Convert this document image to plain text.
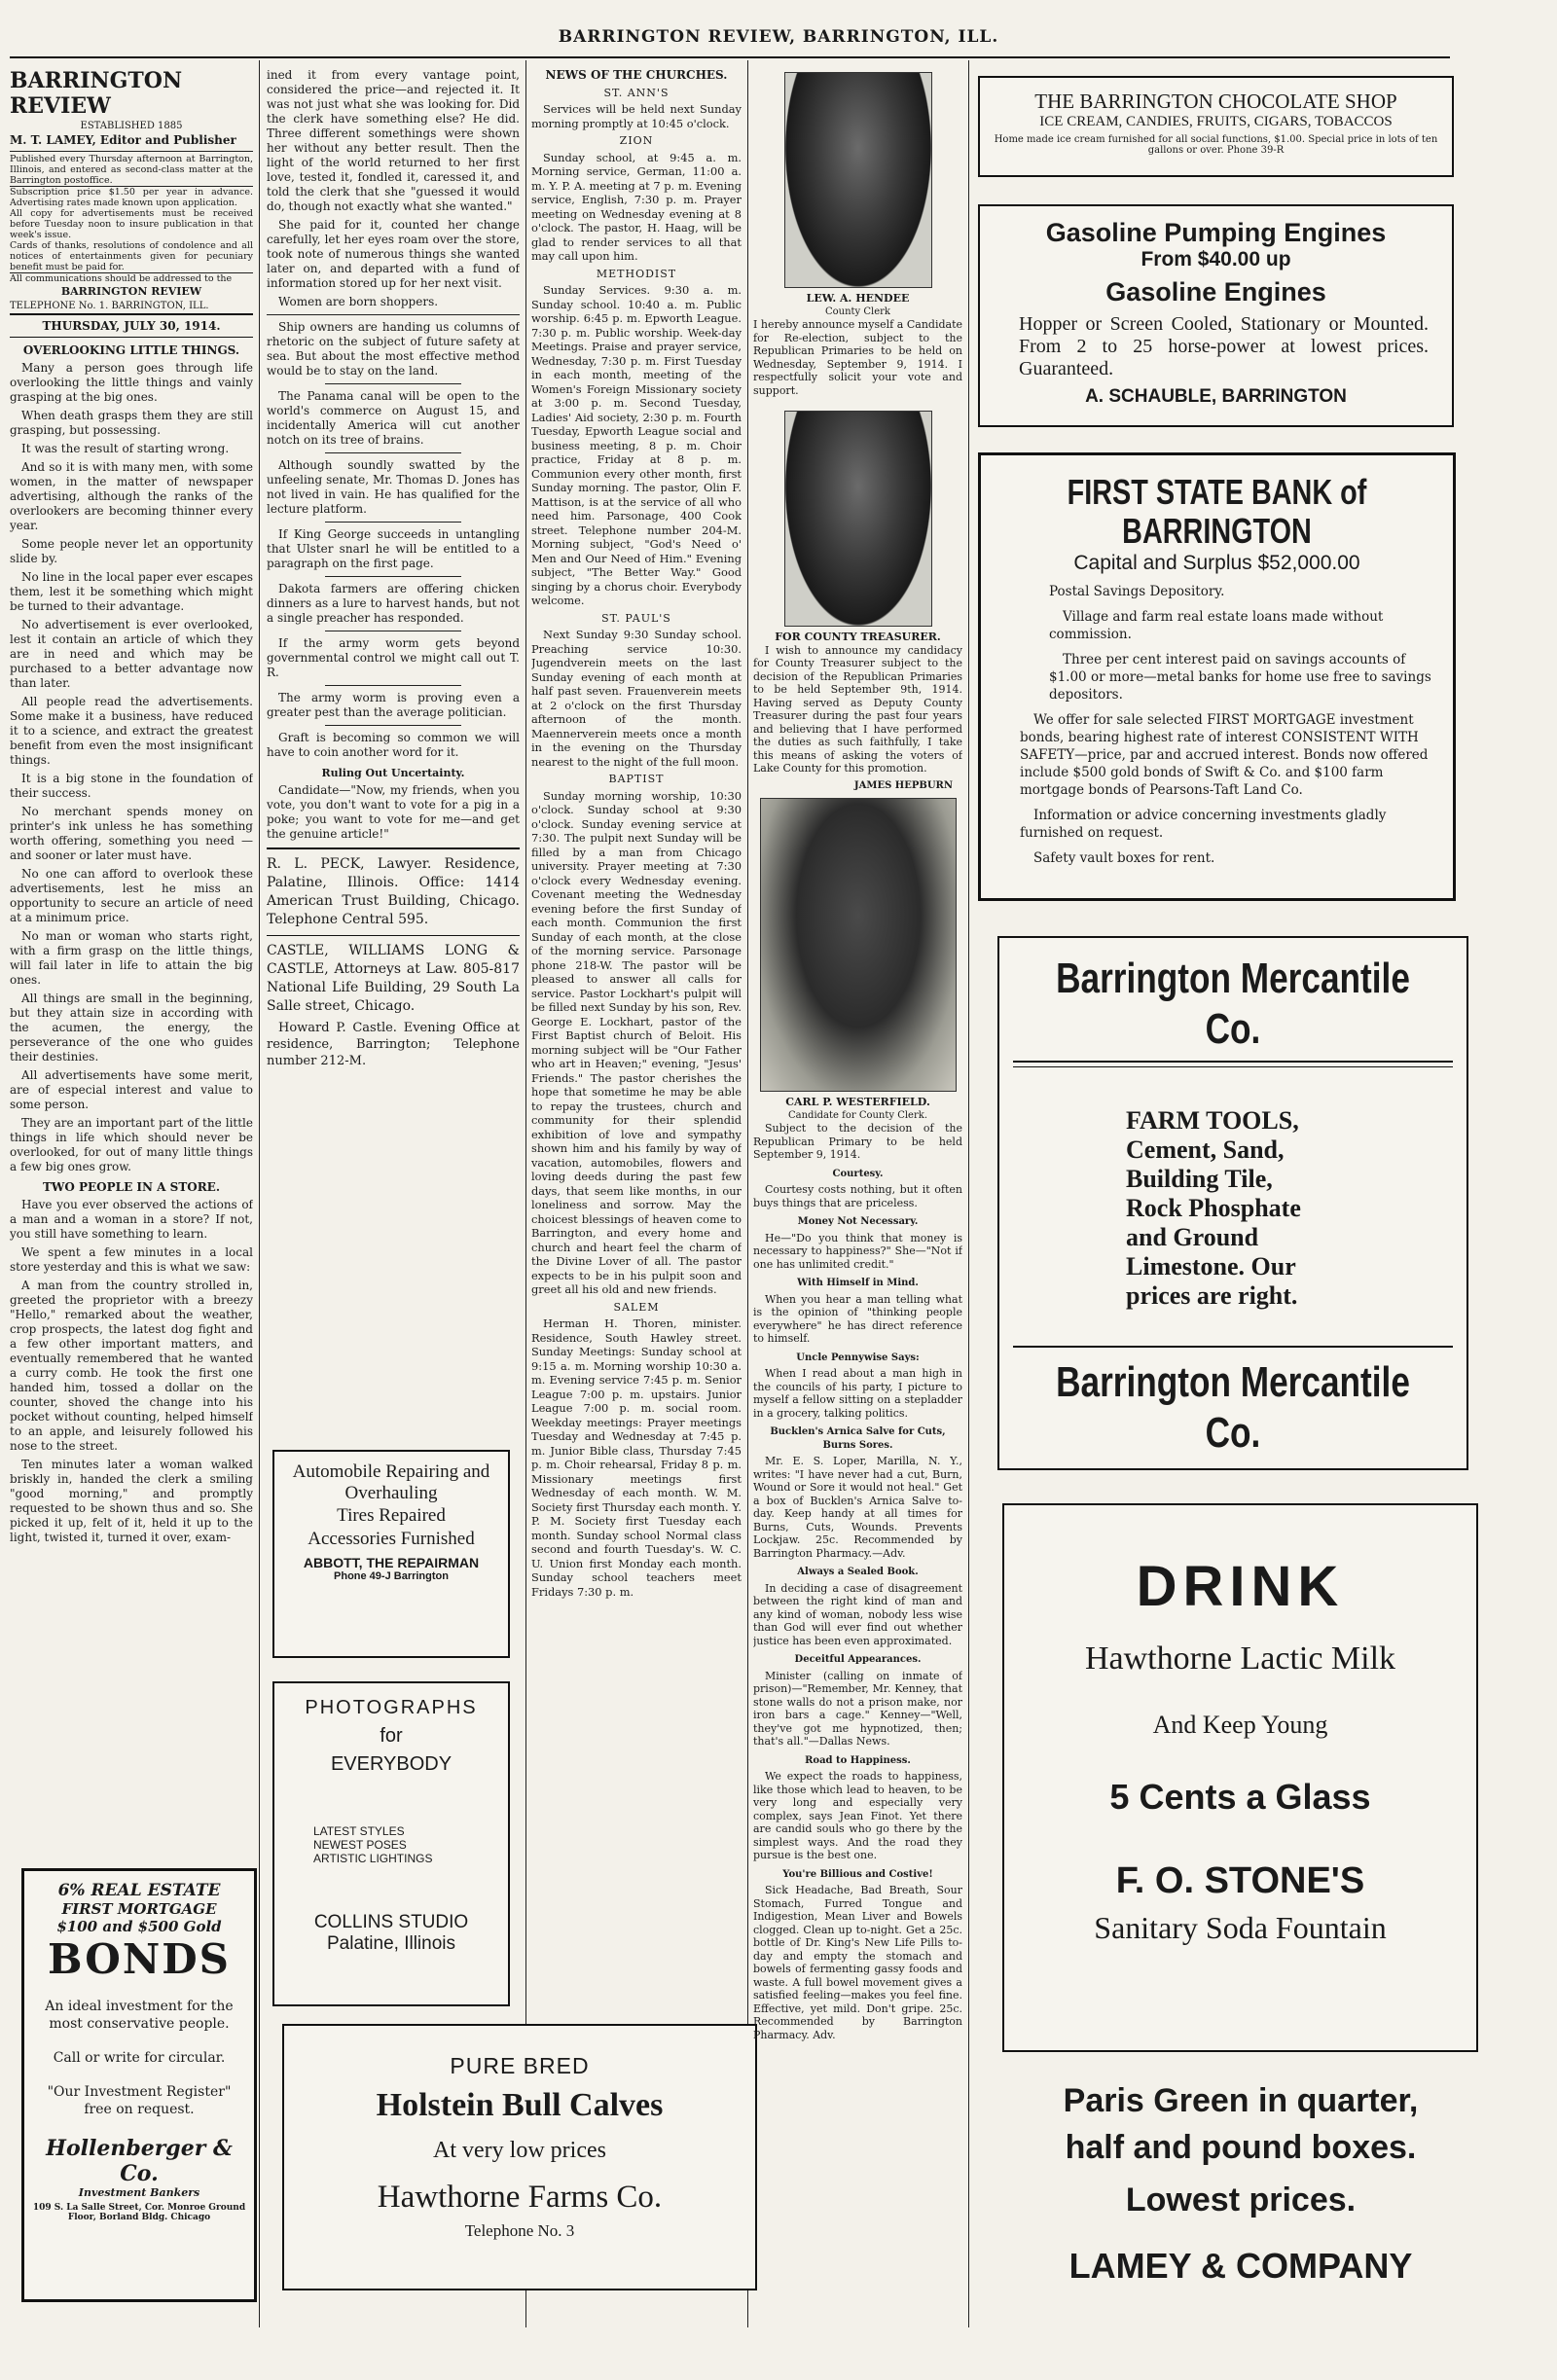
BARRINGTON REVIEW, BARRINGTON, ILL.
BARRINGTON REVIEW
ESTABLISHED 1885
M. T. LAMEY, Editor and Publisher
Published every Thursday afternoon at Barrington, Illinois, and entered as second-class matter at the Barrington postoffice.
Subscription price $1.50 per year in advance. Advertising rates made known upon application.
All copy for advertisements must be received before Tuesday noon to insure publication in that week's issue.
Cards of thanks, resolutions of condolence and all notices of entertainments given for pecuniary benefit must be paid for.
All communications should be addressed to the
BARRINGTON REVIEW
TELEPHONE No. 1. BARRINGTON, ILL.
THURSDAY, JULY 30, 1914.
OVERLOOKING LITTLE THINGS.

Many a person goes through life overlooking the little things and vainly grasping at the big ones.

When death grasps them they are still grasping, but possessing.

It was the result of starting wrong.

And so it is with many men, with some women, in the matter of newspaper advertising, although the ranks of the overlookers are becoming thinner every year.

Some people never let an opportunity slide by.

No line in the local paper ever escapes them, lest it be something which might be turned to their advantage.

No advertisement is ever overlooked, lest it contain an article of which they are in need and which may be purchased to a better advantage now than later.

All people read the advertisements. Some make it a business, have reduced it to a science, and extract the greatest benefit from even the most insignificant things.

It is a big stone in the foundation of their success.

No merchant spends money on printer's ink unless he has something worth offering, something you need — and sooner or later must have.

No one can afford to overlook these advertisements, lest he miss an opportunity to secure an article of need at a minimum price.

No man or woman who starts right, with a firm grasp on the little things, will fail later in life to attain the big ones.

All things are small in the beginning, but they attain size in according with the acumen, the energy, the perseverance of the one who guides their destinies.

All advertisements have some merit, are of especial interest and value to some person.

They are an important part of the little things in life which should never be overlooked, for out of many little things a few big ones grow.

TWO PEOPLE IN A STORE.

Have you ever observed the actions of a man and a woman in a store? If not, you still have something to learn.

We spent a few minutes in a local store yesterday and this is what we saw:

A man from the country strolled in, greeted the proprietor with a breezy "Hello," remarked about the weather, crop prospects, the latest dog fight and a few other important matters, and eventually remembered that he wanted a curry comb. He took the first one handed him, tossed a dollar on the counter, shoved the change into his pocket without counting, helped himself to an apple, and leisurely followed his nose to the street.

Ten minutes later a woman walked briskly in, handed the clerk a smiling "good morning," and promptly requested to be shown thus and so. She picked it up, felt of it, held it up to the light, twisted it, turned it over, exam-

6% REAL ESTATE
FIRST MORTGAGE
$100 and $500 Gold
BONDS
An ideal investment for the most conservative people.
Call or write for circular.
"Our Investment Register" free on request.
Hollenberger & Co.
Investment Bankers
109 S. La Salle Street, Cor. Monroe Ground Floor, Borland Bldg. Chicago

ined it from every vantage point, considered the price—and rejected it. It was not just what she was looking for. Did the clerk have something else? He did. Three different somethings were shown her without any better result. Then the light of the world returned to her first love, tested it, fondled it, caressed it, and told the clerk that she "guessed it would do, though not exactly what she wanted."

She paid for it, counted her change carefully, let her eyes roam over the store, took note of numerous things she wanted later on, and departed with a fund of information stored up for her next visit.

Women are born shoppers.

Ship owners are handing us columns of rhetoric on the subject of future safety at sea. But about the most effective method would be to stay on the land.

The Panama canal will be open to the world's commerce on August 15, and incidentally America will cut another notch on its tree of brains.

Although soundly swatted by the unfeeling senate, Mr. Thomas D. Jones has not lived in vain. He has qualified for the lecture platform.

If King George succeeds in untangling that Ulster snarl he will be entitled to a paragraph on the first page.

Dakota farmers are offering chicken dinners as a lure to harvest hands, but not a single preacher has responded.

If the army worm gets beyond governmental control we might call out T. R.

The army worm is proving even a greater pest than the average politician.

Graft is becoming so common we will have to coin another word for it.

Ruling Out Uncertainty.

Candidate—"Now, my friends, when you vote, you don't want to vote for a pig in a poke; you want to vote for me—and get the genuine article!"

R. L. PECK, Lawyer. Residence, Palatine, Illinois. Office: 1414 American Trust Building, Chicago. Telephone Central 595.

CASTLE, WILLIAMS LONG & CASTLE, Attorneys at Law. 805-817 National Life Building, 29 South La Salle street, Chicago.

Howard P. Castle. Evening Office at residence, Barrington; Telephone number 212-M.

Automobile Repairing and Overhauling
Tires Repaired
Accessories Furnished
ABBOTT, THE REPAIRMAN
Phone 49-J Barrington
PHOTOGRAPHS
for
EVERYBODY
LATEST STYLES
NEWEST POSES
ARTISTIC LIGHTINGS
COLLINS STUDIO
Palatine, Illinois
NEWS OF THE CHURCHES.
ST. ANN'S

Services will be held next Sunday morning promptly at 10:45 o'clock.

ZION

Sunday school, at 9:45 a. m. Morning service, German, 11:00 a. m. Y. P. A. meeting at 7 p. m. Evening service, English, 7:30 p. m. Prayer meeting on Wednesday evening at 8 o'clock. The pastor, H. Haag, will be glad to render services to all that may call upon him.

METHODIST

Sunday Services. 9:30 a. m. Sunday school. 10:40 a. m. Public worship. 6:45 p. m. Epworth League. 7:30 p. m. Public worship. Week-day Meetings. Praise and prayer service, Wednesday, 7:30 p. m. First Tuesday in each month, meeting of the Women's Foreign Missionary society at 3:00 p. m. Second Tuesday, Ladies' Aid society, 2:30 p. m. Fourth Tuesday, Epworth League social and business meeting, 8 p. m. Choir practice, Friday at 8 p. m. Communion every other month, first Sunday morning. The pastor, Olin F. Mattison, is at the service of all who need him. Parsonage, 400 Cook street. Telephone number 204-M. Morning subject, "God's Need o' Men and Our Need of Him." Evening subject, "The Better Way." Good singing by a chorus choir. Everybody welcome.

ST. PAUL'S

Next Sunday 9:30 Sunday school. Preaching service 10:30. Jugendverein meets on the last Sunday evening of each month at half past seven. Frauenverein meets at 2 o'clock on the first Thursday afternoon of the month. Maennerverein meets once a month in the evening on the Thursday nearest to the night of the full moon.

BAPTIST

Sunday morning worship, 10:30 o'clock. Sunday school at 9:30 o'clock. Sunday evening service at 7:30. The pulpit next Sunday will be filled by a man from Chicago university. Prayer meeting at 7:30 o'clock every Wednesday evening. Covenant meeting the Wednesday evening before the first Sunday of each month. Communion the first Sunday of each month, at the close of the morning service. Parsonage phone 218-W. The pastor will be pleased to answer all calls for service. Pastor Lockhart's pulpit will be filled next Sunday by his son, Rev. George E. Lockhart, pastor of the First Baptist church of Beloit. His morning subject will be "Our Father who art in Heaven;" evening, "Jesus' Friends." The pastor cherishes the hope that sometime he may be able to repay the trustees, church and community for their splendid exhibition of love and sympathy shown him and his family by way of vacation, automobiles, flowers and loving deeds during the past few days, that seem like months, in our loneliness and sorrow. May the choicest blessings of heaven come to Barrington, and every home and church and heart feel the charm of the Divine Lover of all. The pastor expects to be in his pulpit soon and greet all his old and new friends.

SALEM

Herman H. Thoren, minister. Residence, South Hawley street. Sunday Meetings: Sunday school at 9:15 a. m. Morning worship 10:30 a. m. Evening service 7:45 p. m. Senior League 7:00 p. m. upstairs. Junior League 7:00 p. m. social room. Weekday meetings: Prayer meetings Tuesday and Wednesday at 7:45 p. m. Junior Bible class, Thursday 7:45 p. m. Choir rehearsal, Friday 8 p. m. Missionary meetings first Wednesday of each month. W. M. Society first Thursday each month. Y. P. M. Society first Tuesday each month. Sunday school Normal class second and fourth Tuesday's. W. C. U. Union first Monday each month. Sunday school teachers meet Fridays 7:30 p. m.

PURE BRED
Holstein Bull Calves
At very low prices
Hawthorne Farms Co.
Telephone No. 3
LEW. A. HENDEE
County Clerk

I hereby announce myself a Candidate for Re-election, subject to the Republican Primaries to be held on Wednesday, September 9, 1914. I respectfully solicit your vote and support.

FOR COUNTY TREASURER.

I wish to announce my candidacy for County Treasurer subject to the decision of the Republican Primaries to be held September 9th, 1914. Having served as Deputy County Treasurer during the past four years and believing that I have performed the duties as such faithfully, I take this means of asking the voters of Lake County for this promotion.

JAMES HEPBURN
CARL P. WESTERFIELD.
Candidate for County Clerk.

Subject to the decision of the Republican Primary to be held September 9, 1914.

Courtesy.

Courtesy costs nothing, but it often buys things that are priceless.

Money Not Necessary.

He—"Do you think that money is necessary to happiness?" She—"Not if one has unlimited credit."

With Himself in Mind.

When you hear a man telling what is the opinion of "thinking people everywhere" he has direct reference to himself.

Uncle Pennywise Says:

When I read about a man high in the councils of his party, I picture to myself a fellow sitting on a stepladder in a grocery, talking politics.

Bucklen's Arnica Salve for Cuts, Burns Sores.

Mr. E. S. Loper, Marilla, N. Y., writes: "I have never had a cut, Burn, Wound or Sore it would not heal." Get a box of Bucklen's Arnica Salve to-day. Keep handy at all times for Burns, Cuts, Wounds. Prevents Lockjaw. 25c. Recommended by Barrington Pharmacy.—Adv.

Always a Sealed Book.

In deciding a case of disagreement between the right kind of man and any kind of woman, nobody less wise than God will ever find out whether justice has been even approximated.

Deceitful Appearances.

Minister (calling on inmate of prison)—"Remember, Mr. Kenney, that stone walls do not a prison make, nor iron bars a cage." Kenney—"Well, they've got me hypnotized, then; that's all."—Dallas News.

Road to Happiness.

We expect the roads to happiness, like those which lead to heaven, to be very long and especially very complex, says Jean Finot. Yet there are candid souls who go there by the simplest ways. And the road they pursue is the best one.

You're Billious and Costive!

Sick Headache, Bad Breath, Sour Stomach, Furred Tongue and Indigestion, Mean Liver and Bowels clogged. Clean up to-night. Get a 25c. bottle of Dr. King's New Life Pills to-day and empty the stomach and bowels of fermenting gassy foods and waste. A full bowel movement gives a satisfied feeling—makes you feel fine. Effective, yet mild. Don't gripe. 25c. Recommended by Barrington Pharmacy. Adv.

THE BARRINGTON CHOCOLATE SHOP
ICE CREAM, CANDIES, FRUITS, CIGARS, TOBACCOS
Home made ice cream furnished for all social functions, $1.00. Special price in lots of ten gallons or over. Phone 39-R
Gasoline Pumping Engines
From $40.00 up
Gasoline Engines
Hopper or Screen Cooled, Stationary or Mounted. From 2 to 25 horse-power at lowest prices. Guaranteed.
A. SCHAUBLE, BARRINGTON
FIRST STATE BANK of BARRINGTON
Capital and Surplus $52,000.00
Postal Savings Depository.
Village and farm real estate loans made without commission.
Three per cent interest paid on savings accounts of $1.00 or more—metal banks for home use free to savings depositors.
We offer for sale selected FIRST MORTGAGE investment bonds, bearing highest rate of interest CONSISTENT WITH SAFETY—price, par and accrued interest. Bonds now offered include $500 gold bonds of Swift & Co. and $100 farm mortgage bonds of Pearsons-Taft Land Co.
Information or advice concerning investments gladly furnished on request.
Safety vault boxes for rent.
Barrington Mercantile Co.
FARM TOOLS,
Cement, Sand,
Building Tile,
Rock Phosphate
and Ground
Limestone. Our
prices are right.
Barrington Mercantile Co.
DRINK
Hawthorne Lactic Milk
And Keep Young
5 Cents a Glass
F. O. STONE'S
Sanitary Soda Fountain
Paris Green in quarter,
half and pound boxes.
Lowest prices.
LAMEY & COMPANY
